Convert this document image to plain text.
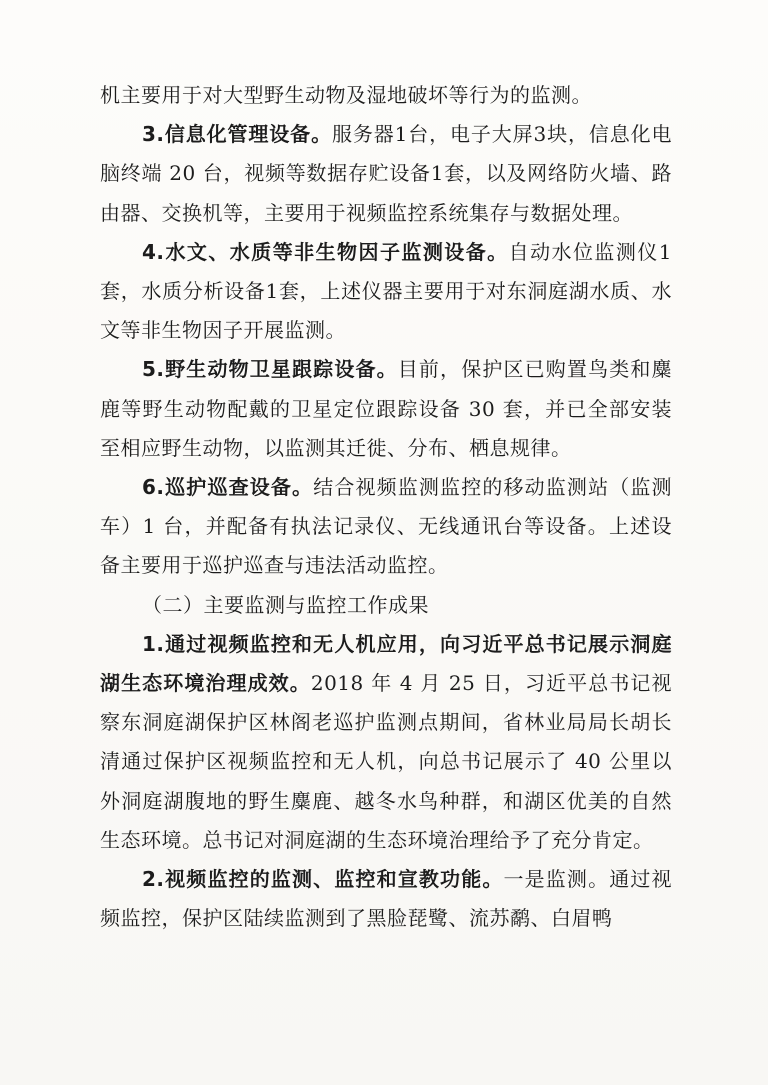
机主要用于对大型野生动物及湿地破坏等行为的监测。

3.信息化管理设备。服务器1台，电子大屏3块，信息化电脑终端 20 台，视频等数据存贮设备1套，以及网络防火墙、路由器、交换机等，主要用于视频监控系统集存与数据处理。

4.水文、水质等非生物因子监测设备。自动水位监测仪1套，水质分析设备1套，上述仪器主要用于对东洞庭湖水质、水文等非生物因子开展监测。

5.野生动物卫星跟踪设备。目前，保护区已购置鸟类和麋鹿等野生动物配戴的卫星定位跟踪设备 30 套，并已全部安装至相应野生动物，以监测其迁徙、分布、栖息规律。

6.巡护巡查设备。结合视频监测监控的移动监测站（监测车）1 台，并配备有执法记录仪、无线通讯台等设备。上述设备主要用于巡护巡查与违法活动监控。

（二）主要监测与监控工作成果

1.通过视频监控和无人机应用，向习近平总书记展示洞庭湖生态环境治理成效。2018 年 4 月 25 日，习近平总书记视察东洞庭湖保护区林阁老巡护监测点期间，省林业局局长胡长清通过保护区视频监控和无人机，向总书记展示了 40 公里以外洞庭湖腹地的野生麋鹿、越冬水鸟种群，和湖区优美的自然生态环境。总书记对洞庭湖的生态环境治理给予了充分肯定。

2.视频监控的监测、监控和宣教功能。一是监测。通过视频监控，保护区陆续监测到了黑脸琵鹭、流苏鹬、白眉鸭
